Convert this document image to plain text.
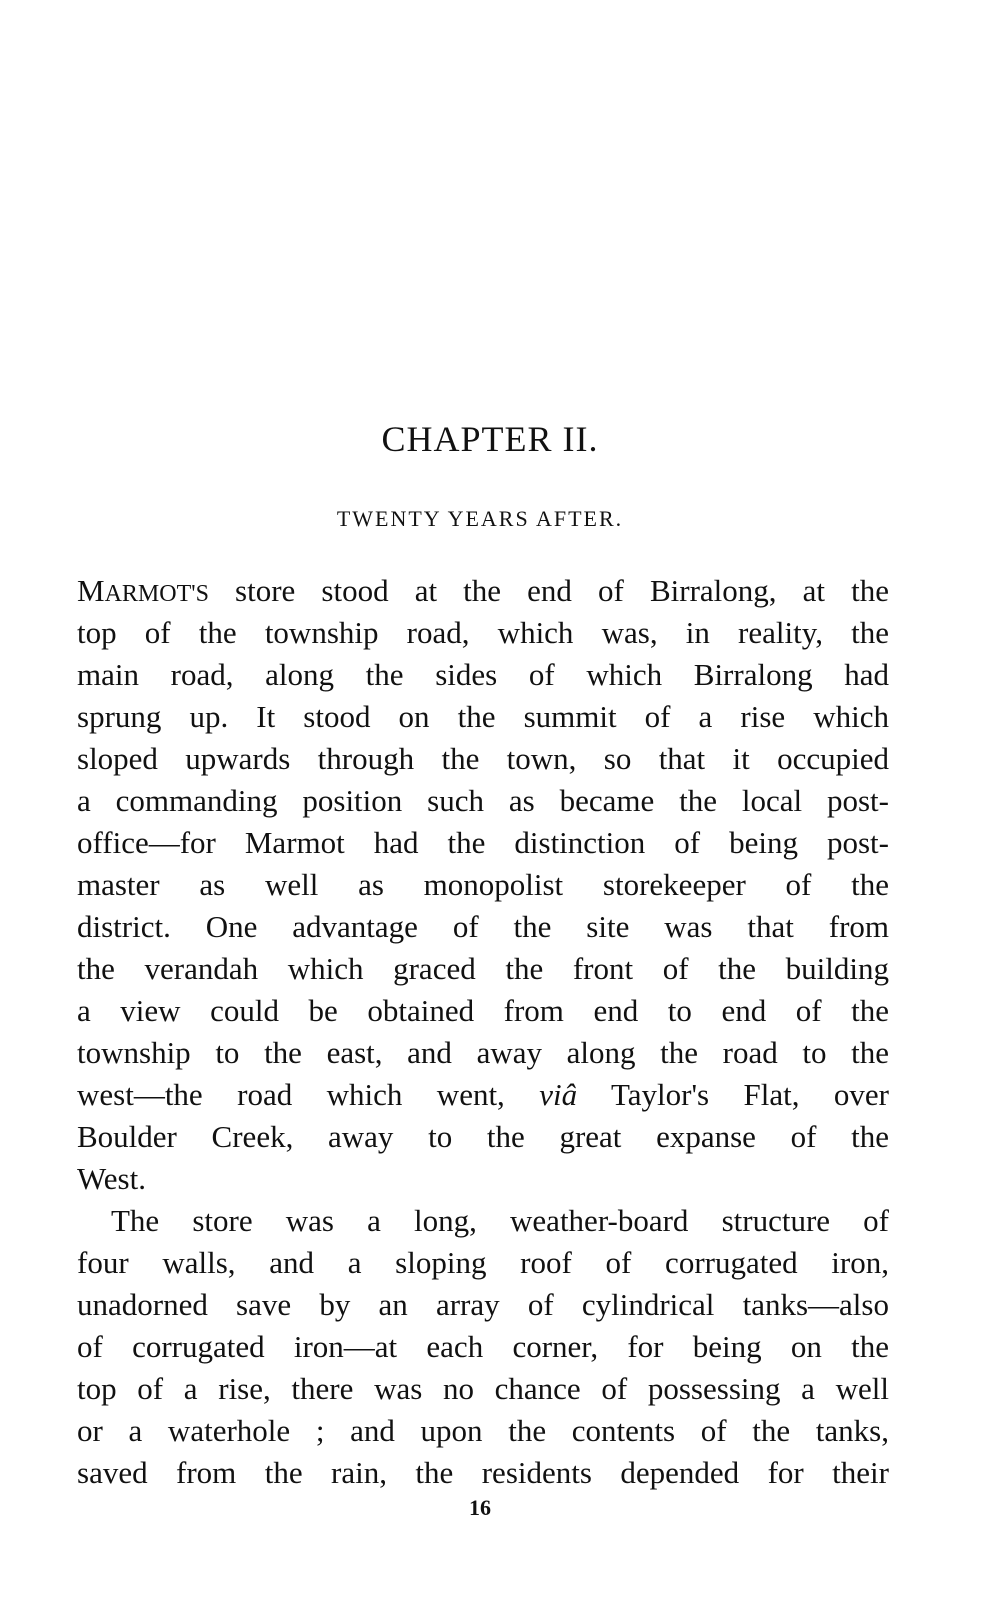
CHAPTER II.
TWENTY YEARS AFTER.
MARMOT'S store stood at the end of Birralong, at the
top of the township road, which was, in reality, the
main road, along the sides of which Birralong had
sprung up. It stood on the summit of a rise which
sloped upwards through the town, so that it occupied
a commanding position such as became the local post-
office—for Marmot had the distinction of being post-
master as well as monopolist storekeeper of the
district. One advantage of the site was that from
the verandah which graced the front of the building
a view could be obtained from end to end of the
township to the east, and away along the road to the
west—the road which went, viâ Taylor's Flat, over
Boulder Creek, away to the great expanse of the
West.
The store was a long, weather-board structure of
four walls, and a sloping roof of corrugated iron,
unadorned save by an array of cylindrical tanks—also
of corrugated iron—at each corner, for being on the
top of a rise, there was no chance of possessing a well
or a waterhole ; and upon the contents of the tanks,
saved from the rain, the residents depended for their
16
